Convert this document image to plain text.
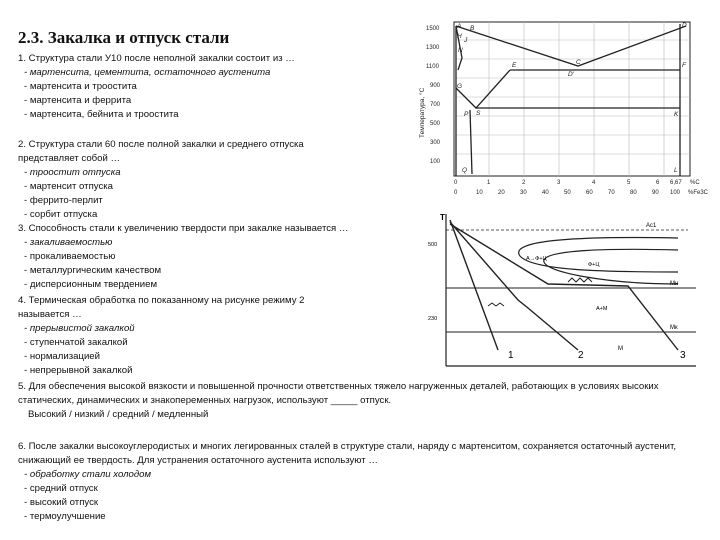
2.3. Закалка и отпуск стали
1. Структура стали У10 после неполной закалки состоит из …
- мартенсита, цементита, остаточного аустенита
- мартенсита и троостита
- мартенсита и феррита
- мартенсита, бейнита и троостита
2. Структура стали 60 после полной закалки и среднего отпуска
представляет собой …
- троостит отпуска
- мартенсит отпуска
- феррито-перлит
- сорбит отпуска
3. Способность стали к увеличению твердости при закалке называется …
- закаливаемостью
- прокаливаемостью
- металлургическим качеством
- дисперсионным твердением
4. Термическая обработка по показанному на рисунке режиму 2
называется …
- прерывистой закалкой
- ступенчатой закалкой
- нормализацией
- непрерывной закалкой
5. Для обеспечения высокой вязкости и повышенной прочности ответственных тяжело нагруженных деталей, работающих в условиях высоких статических, динамических и знакопеременных нагрузок, используют _____ отпуск.
Высокий / низкий / средний / медленный
6. После закалки высокоуглеродистых и многих легированных сталей в структуре стали, наряду с мартенситом, сохраняется остаточный аустенит, снижающий ее твердость. Для устранения остаточного аустенита используют …
- обработку стали холодом
- средний отпуск
- высокий отпуск
- термоулучшение
1500
1300
1100
900
700
500
300
100
0	1	2	3	4	5	6 6,67 %C
%Fe3C
0	10	20	30	40	50	60	70	80	90 100
Температура, °С
A B	D
H
J
N
E	C	F
G
S	K
P
Q	L
D'
T
500
230
Ac1
A→Ф+Ц
Ф+Ц
A+M
Mн
Mк
M
1	2	3
